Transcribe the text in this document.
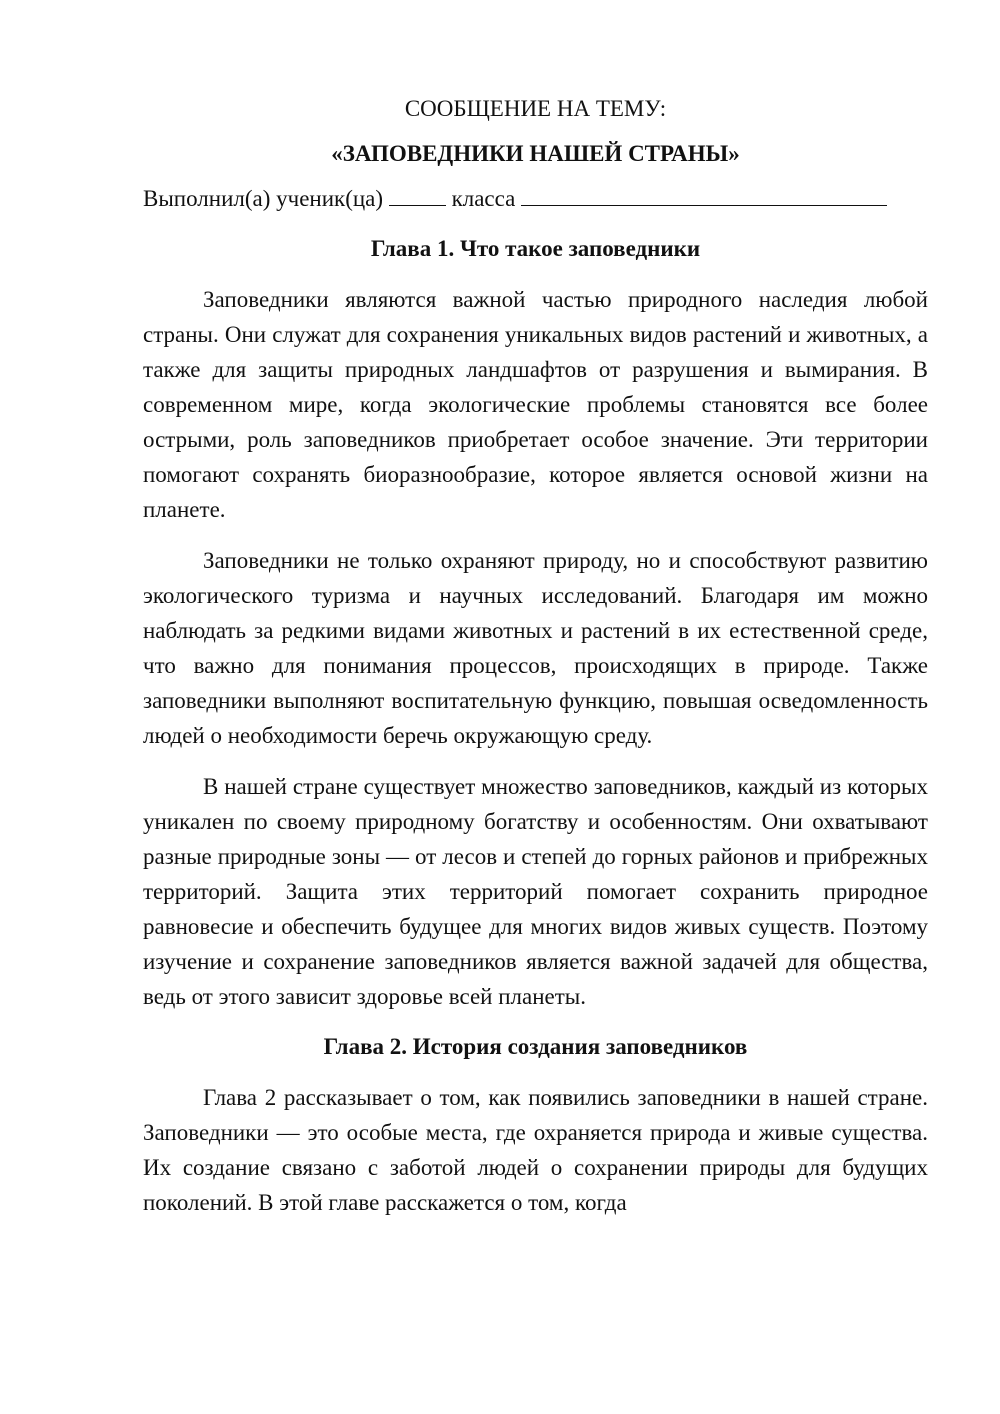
СООБЩЕНИЕ НА ТЕМУ:

«ЗАПОВЕДНИКИ НАШЕЙ СТРАНЫ»

Выполнил(а) ученик(ца)	класса

Глава 1. Что такое заповедники

Заповедники являются важной частью природного наследия любой страны. Они служат для сохранения уникальных видов растений и животных, а также для защиты природных ландшафтов от разрушения и вымирания. В современном мире, когда экологические проблемы становятся все более острыми, роль заповедников приобретает особое значение. Эти территории помогают сохранять биоразнообразие, которое является основой жизни на планете.

Заповедники не только охраняют природу, но и способствуют развитию экологического туризма и научных исследований. Благодаря им можно наблюдать за редкими видами животных и растений в их естественной среде, что важно для понимания процессов, происходящих в природе. Также заповедники выполняют воспитательную функцию, повышая осведомленность людей о необходимости беречь окружающую среду.

В нашей стране существует множество заповедников, каждый из которых уникален по своему природному богатству и особенностям. Они охватывают разные природные зоны — от лесов и степей до горных районов и прибрежных территорий. Защита этих территорий помогает сохранить природное равновесие и обеспечить будущее для многих видов живых существ. Поэтому изучение и сохранение заповедников является важной задачей для общества, ведь от этого зависит здоровье всей планеты.

Глава 2. История создания заповедников

Глава 2 рассказывает о том, как появились заповедники в нашей стране. Заповедники — это особые места, где охраняется природа и живые существа. Их создание связано с заботой людей о сохранении природы для будущих поколений. В этой главе расскажется о том, когда
